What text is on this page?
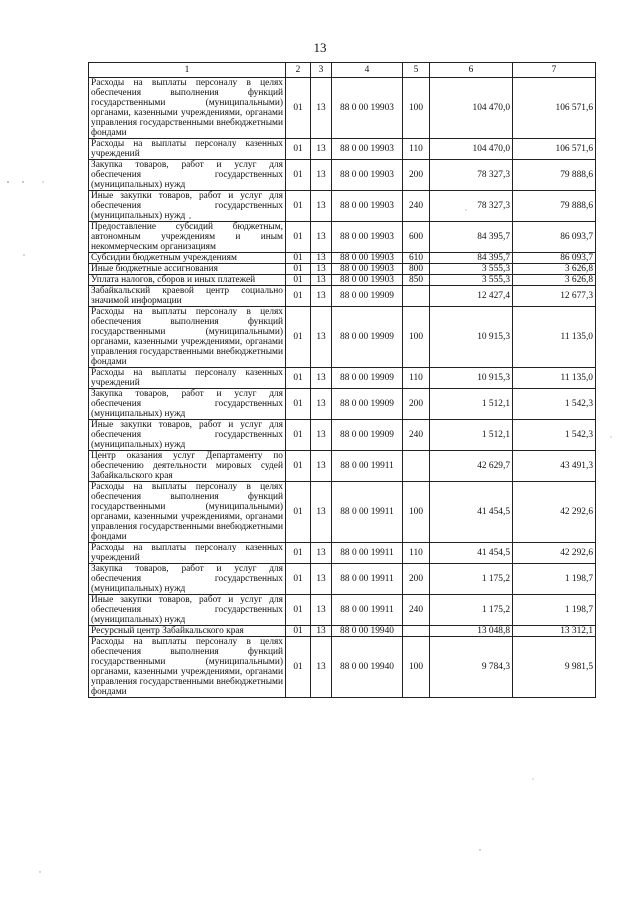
13
1	2	3	4	5	6	7
Расходы на выплаты персоналу в целях обеспечения выполнения функций государственными (муниципальными) органами, казенными учреждениями, органами управления государственными внебюджетными фондами	01	13	88 0 00 19903	100	104 470,0	106 571,6
Расходы на выплаты персоналу казенных учреждений	01	13	88 0 00 19903	110	104 470,0	106 571,6
Закупка товаров, работ и услуг для обеспечения государственных (муниципальных) нужд	01	13	88 0 00 19903	200	78 327,3	79 888,6
Иные закупки товаров, работ и услуг для обеспечения государственных (муниципальных) нужд	01	13	88 0 00 19903	240	78 327,3	79 888,6
Предоставление субсидий бюджетным, автономным учреждениям и иным некоммерческим организациям	01	13	88 0 00 19903	600	84 395,7	86 093,7
Субсидии бюджетным учреждениям	01	13	88 0 00 19903	610	84 395,7	86 093,7
Иные бюджетные ассигнования	01	13	88 0 00 19903	800	3 555,3	3 626,8
Уплата налогов, сборов и иных платежей	01	13	88 0 00 19903	850	3 555,3	3 626,8
Забайкальский краевой центр социально значимой информации	01	13	88 0 00 19909		12 427,4	12 677,3
Расходы на выплаты персоналу в целях обеспечения выполнения функций государственными (муниципальными) органами, казенными учреждениями, органами управления государственными внебюджетными фондами	01	13	88 0 00 19909	100	10 915,3	11 135,0
Расходы на выплаты персоналу казенных учреждений	01	13	88 0 00 19909	110	10 915,3	11 135,0
Закупка товаров, работ и услуг для обеспечения государственных (муниципальных) нужд	01	13	88 0 00 19909	200	1 512,1	1 542,3
Иные закупки товаров, работ и услуг для обеспечения государственных (муниципальных) нужд	01	13	88 0 00 19909	240	1 512,1	1 542,3
Центр оказания услуг Департаменту по обеспечению деятельности мировых судей Забайкальского края	01	13	88 0 00 19911		42 629,7	43 491,3
Расходы на выплаты персоналу в целях обеспечения выполнения функций государственными (муниципальными) органами, казенными учреждениями, органами управления государственными внебюджетными фондами	01	13	88 0 00 19911	100	41 454,5	42 292,6
Расходы на выплаты персоналу казенных учреждений	01	13	88 0 00 19911	110	41 454,5	42 292,6
Закупка товаров, работ и услуг для обеспечения государственных (муниципальных) нужд	01	13	88 0 00 19911	200	1 175,2	1 198,7
Иные закупки товаров, работ и услуг для обеспечения государственных (муниципальных) нужд	01	13	88 0 00 19911	240	1 175,2	1 198,7
Ресурсный центр Забайкальского края	01	13	88 0 00 19940		13 048,8	13 312,1
Расходы на выплаты персоналу в целях обеспечения выполнения функций государственными (муниципальными) органами, казенными учреждениями, органами управления государственными внебюджетными фондами	01	13	88 0 00 19940	100	9 784,3	9 981,5
